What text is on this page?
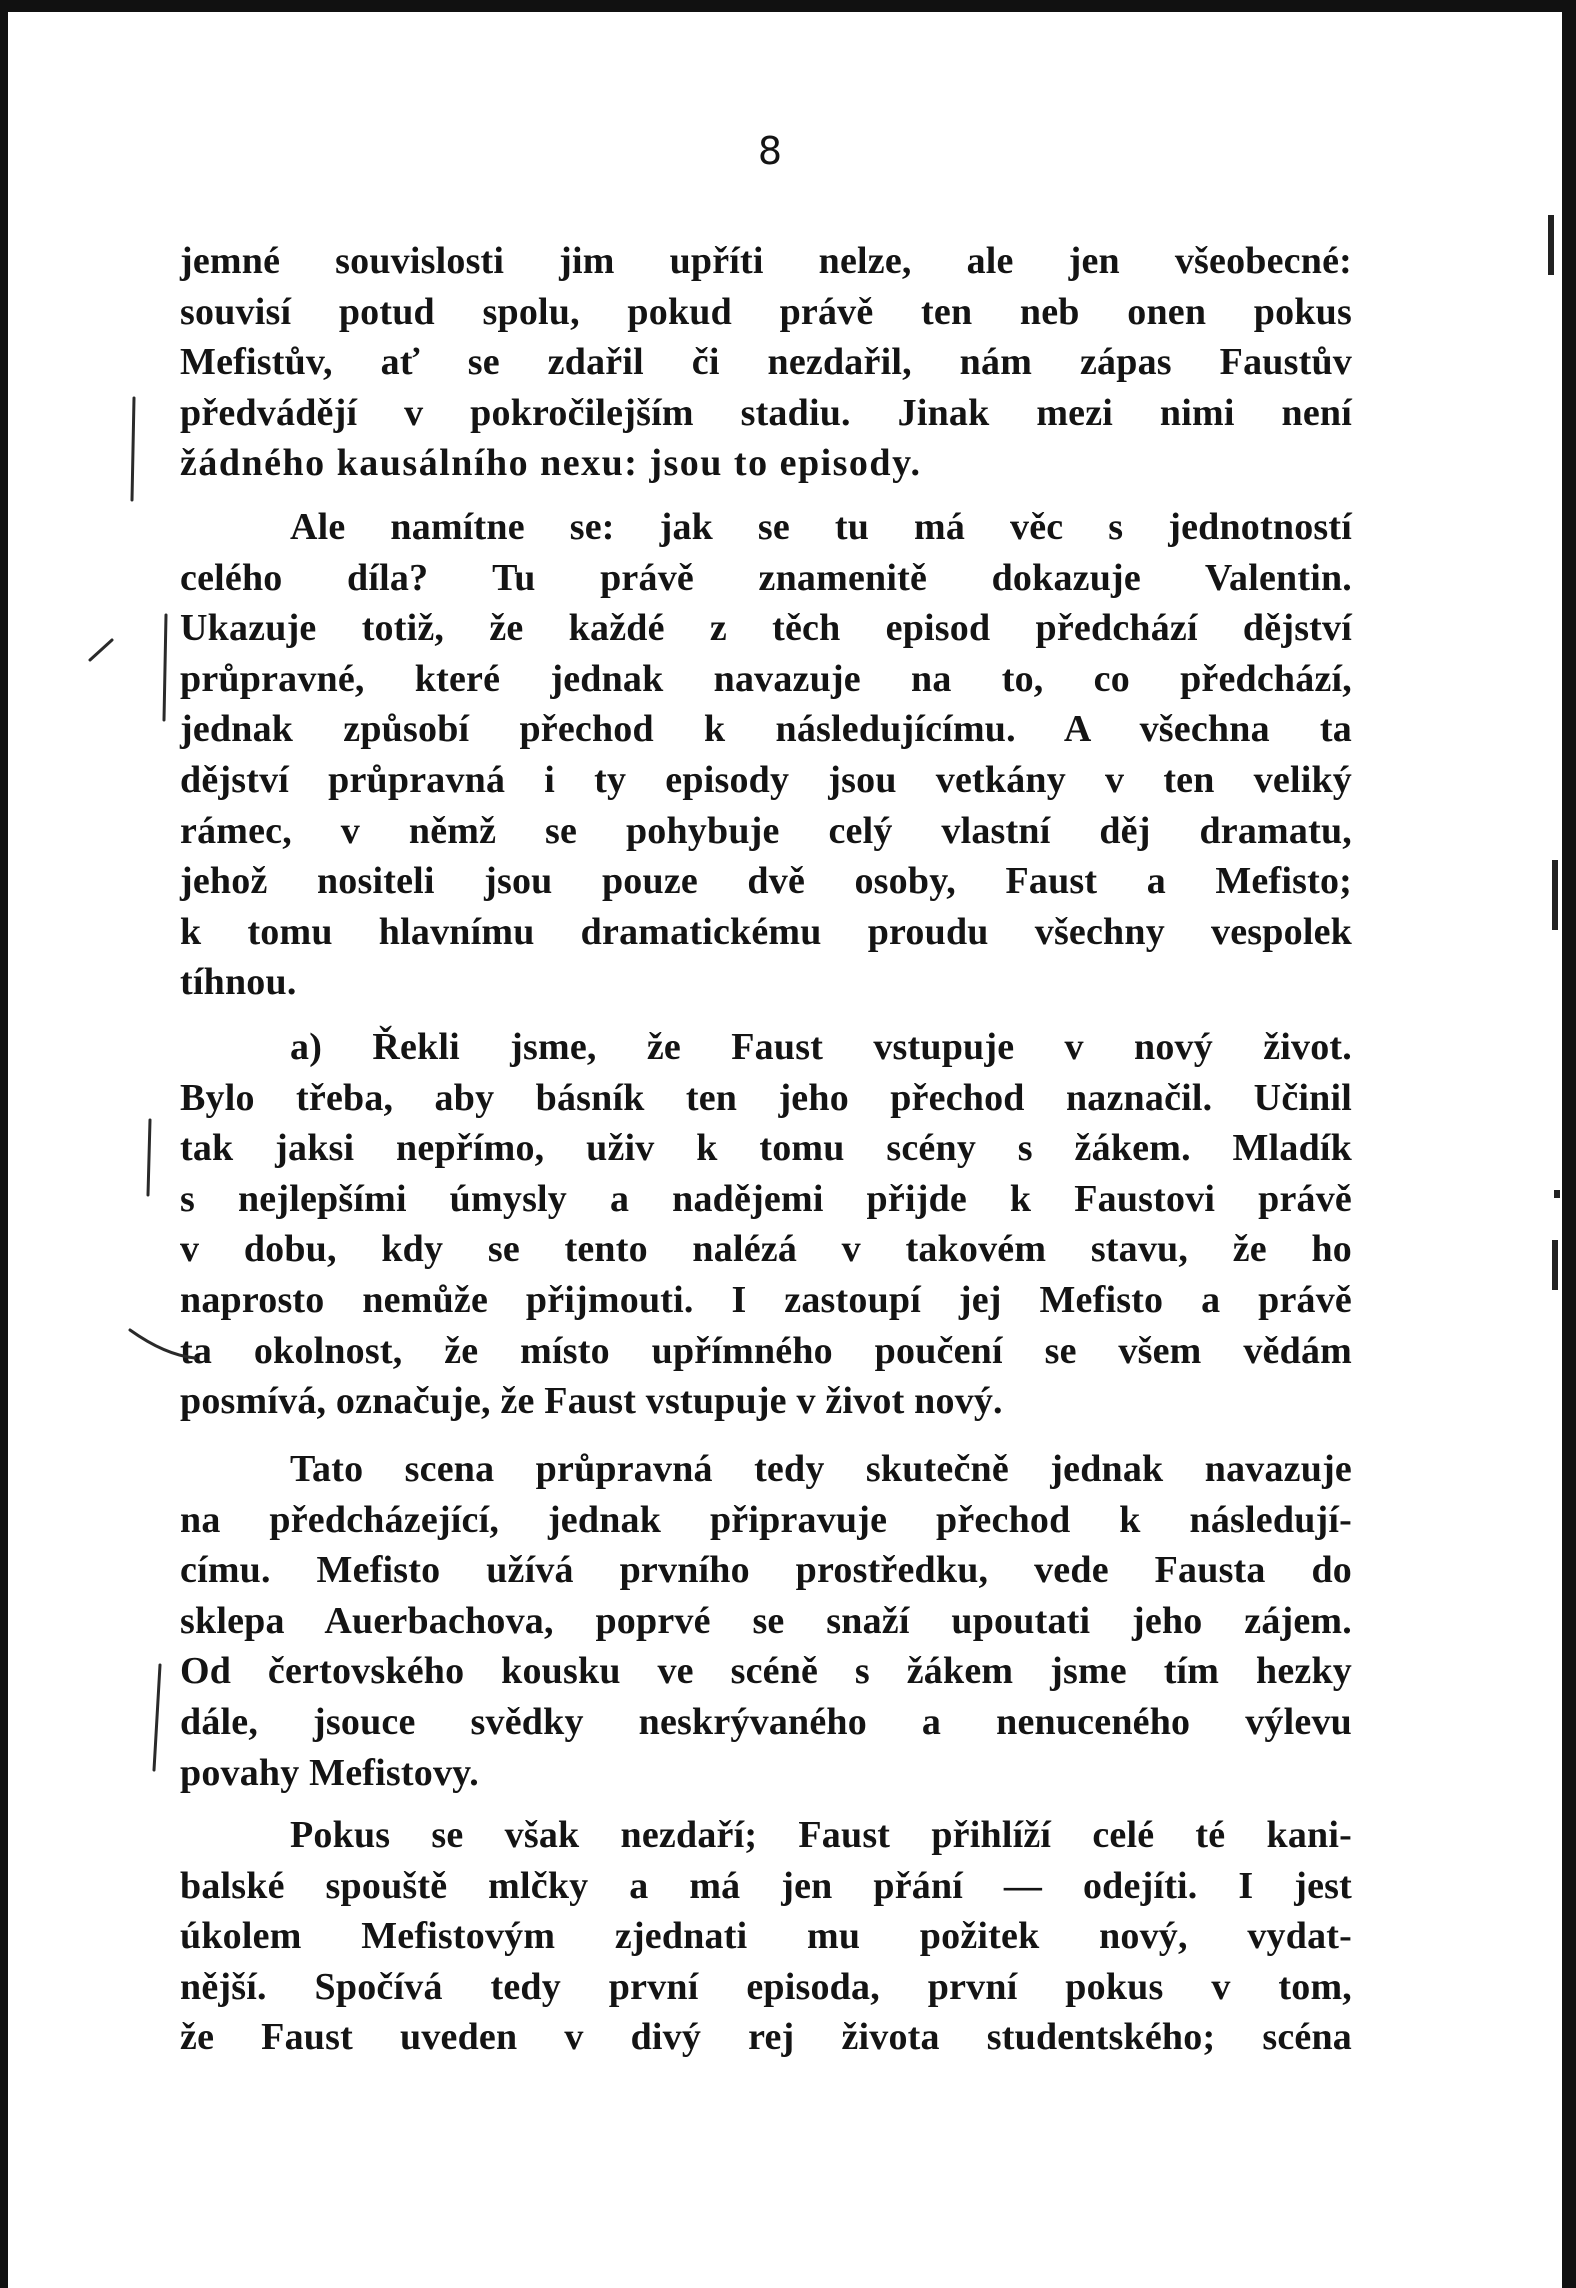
8
jemné souvislosti jim upříti nelze, ale jen všeobecné:
souvisí potud spolu, pokud právě ten neb onen pokus
Mefistův, ať se zdařil či nezdařil, nám zápas Faustův
předvádějí v pokročilejším stadiu. Jinak mezi nimi není
žádného kausálního nexu: jsou to episody.
Ale namítne se: jak se tu má věc s jednotností
celého díla? Tu právě znamenitě dokazuje Valentin.
Ukazuje totiž, že každé z těch episod předchází dějství
průpravné, které jednak navazuje na to, co předchází,
jednak způsobí přechod k následujícímu. A všechna ta
dějství průpravná i ty episody jsou vetkány v ten veliký
rámec, v němž se pohybuje celý vlastní děj dramatu,
jehož nositeli jsou pouze dvě osoby, Faust a Mefisto;
k tomu hlavnímu dramatickému proudu všechny vespolek
tíhnou.
a) Řekli jsme, že Faust vstupuje v nový život.
Bylo třeba, aby básník ten jeho přechod naznačil. Učinil
tak jaksi nepřímo, uživ k tomu scény s žákem. Mladík
s nejlepšími úmysly a nadějemi přijde k Faustovi právě
v dobu, kdy se tento nalézá v takovém stavu, že ho
naprosto nemůže přijmouti. I zastoupí jej Mefisto a právě
ta okolnost, že místo upřímného poučení se všem vědám
posmívá, označuje, že Faust vstupuje v život nový.
Tato scena průpravná tedy skutečně jednak navazuje
na předcházející, jednak připravuje přechod k následují-
címu. Mefisto užívá prvního prostředku, vede Fausta do
sklepa Auerbachova, poprvé se snaží upoutati jeho zájem.
Od čertovského kousku ve scéně s žákem jsme tím hezky
dále, jsouce svědky neskrývaného a nenuceného výlevu
povahy Mefistovy.
Pokus se však nezdaří; Faust přihlíží celé té kani-
balské spouště mlčky a má jen přání — odejíti. I jest
úkolem Mefistovým zjednati mu požitek nový, vydat-
nější. Spočívá tedy první episoda, první pokus v tom,
že Faust uveden v divý rej života studentského; scéna
